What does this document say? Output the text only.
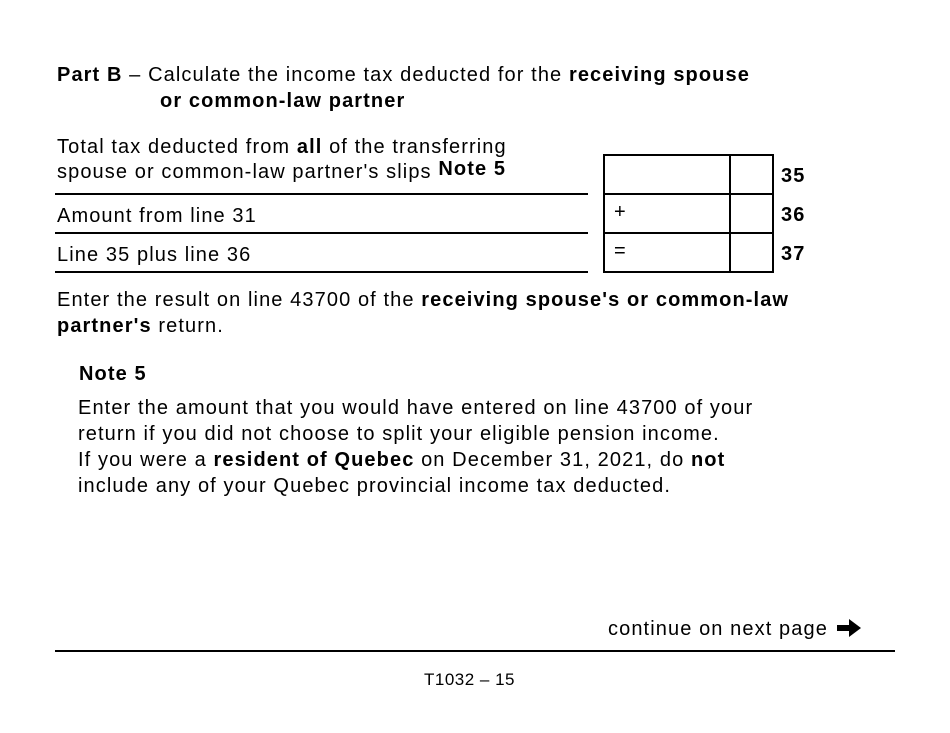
Part B – Calculate the income tax deducted for the receiving spouse
or common-law partner
Total tax deducted from all of the transferring
spouse or common-law partner's slips Note 5
Amount from line 31
Line 35 plus line 36
+
=
35
36
37
Enter the result on line 43700 of the receiving spouse's or common-law
partner's return.
Note 5
Enter the amount that you would have entered on line 43700 of your
return if you did not choose to split your eligible pension income.
If you were a resident of Quebec on December 31, 2021, do not
include any of your Quebec provincial income tax deducted.
continue on next page
T1032 – 15
